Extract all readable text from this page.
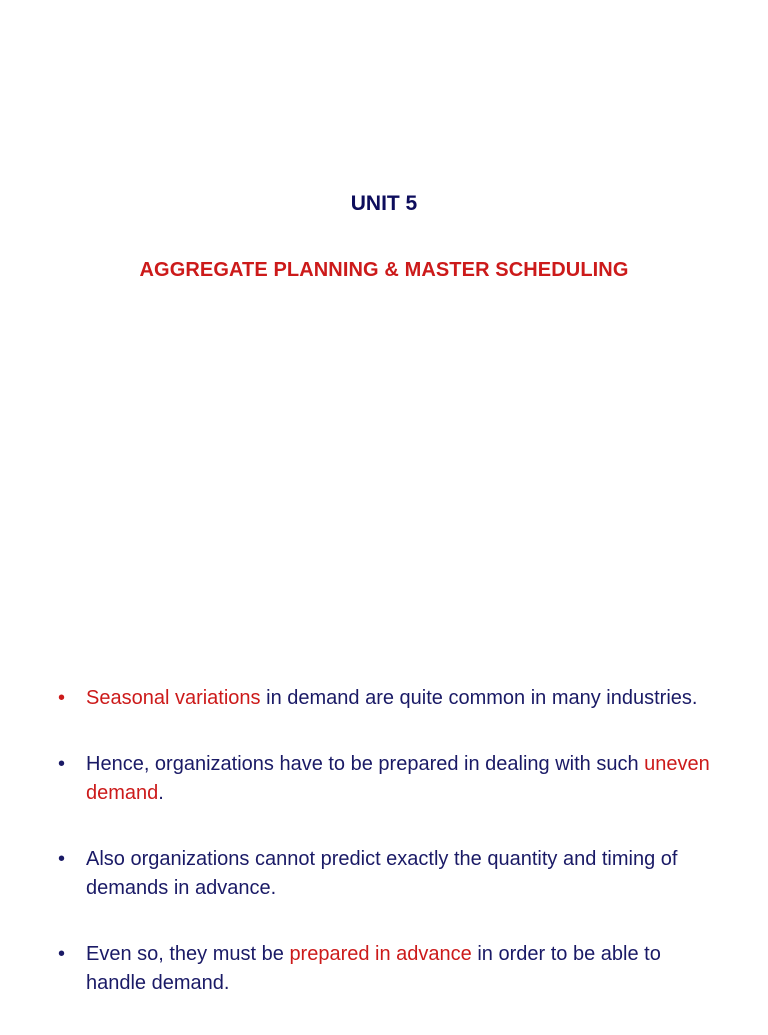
UNIT 5
AGGREGATE PLANNING & MASTER SCHEDULING
• Seasonal variations in demand are quite common in many industries.
• Hence, organizations have to be prepared in dealing with such uneven demand.
• Also organizations cannot predict exactly the quantity and timing of demands in advance.
• Even so, they must be prepared in advance in order to be able to handle demand.
